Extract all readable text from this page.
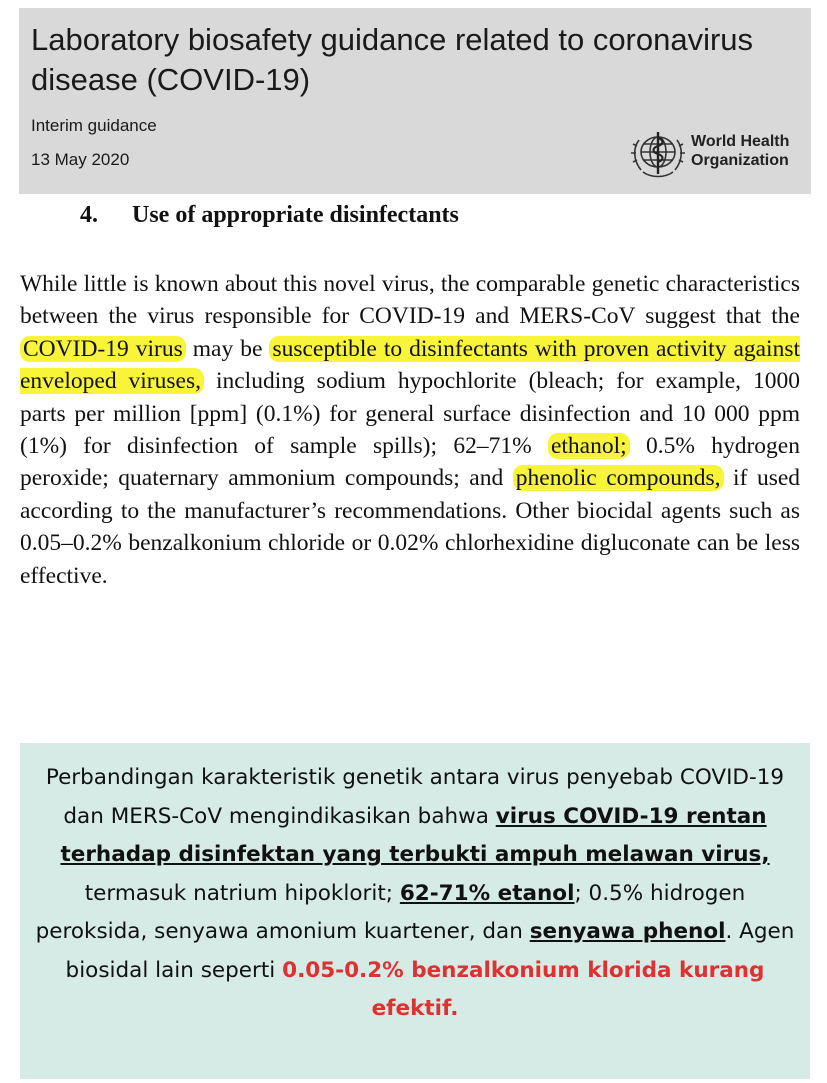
Laboratory biosafety guidance related to coronavirus disease (COVID-19)
Interim guidance
13 May 2020
World Health
Organization
4. Use of appropriate disinfectants
While little is known about this novel virus, the comparable genetic characteristics between the virus responsible for COVID-19 and MERS-CoV suggest that the COVID-19 virus may be susceptible to disinfectants with proven activity against enveloped viruses, including sodium hypochlorite (bleach; for example, 1000 parts per million [ppm] (0.1%) for general surface disinfection and 10 000 ppm (1%) for disinfection of sample spills); 62–71% ethanol; 0.5% hydrogen peroxide; quaternary ammonium compounds; and phenolic compounds, if used according to the manufacturer’s recommendations. Other biocidal agents such as 0.05–0.2% benzalkonium chloride or 0.02% chlorhexidine digluconate can be less effective.
Perbandingan karakteristik genetik antara virus penyebab COVID-19 dan MERS-CoV mengindikasikan bahwa virus COVID-19 rentan terhadap disinfektan yang terbukti ampuh melawan virus, termasuk natrium hipoklorit; 62-71% etanol; 0.5% hidrogen peroksida, senyawa amonium kuartener, dan senyawa phenol. Agen biosidal lain seperti 0.05-0.2% benzalkonium klorida kurang efektif.
